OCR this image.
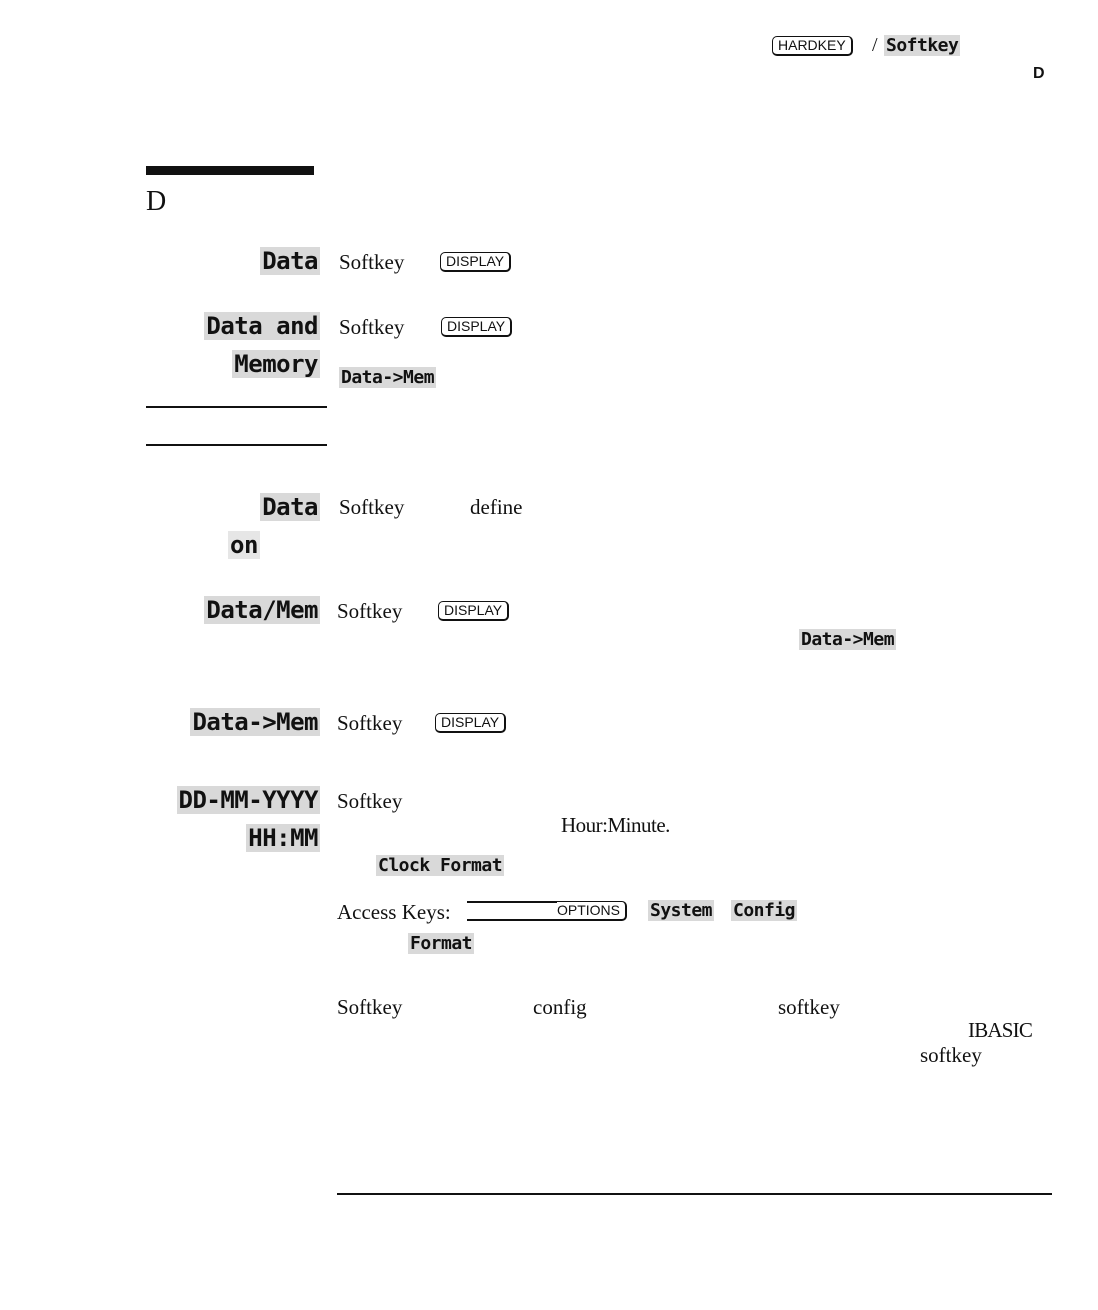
HARDKEY	/ Softkey
D
D
Data Softkey	DISPLAY
Data and
Memory
Softkey	DISPLAY
Data->Mem
Data
on
Softkey	define
Data/Mem Softkey	DISPLAY
Data->Mem
Data->Mem Softkey	DISPLAY
DD-MM-YYYY
HH:MM
Softkey
Hour:Minute.
Clock Format
Access Keys:	OPTIONS	System Config
Format
Softkey	config	softkey
IBASIC
softkey
